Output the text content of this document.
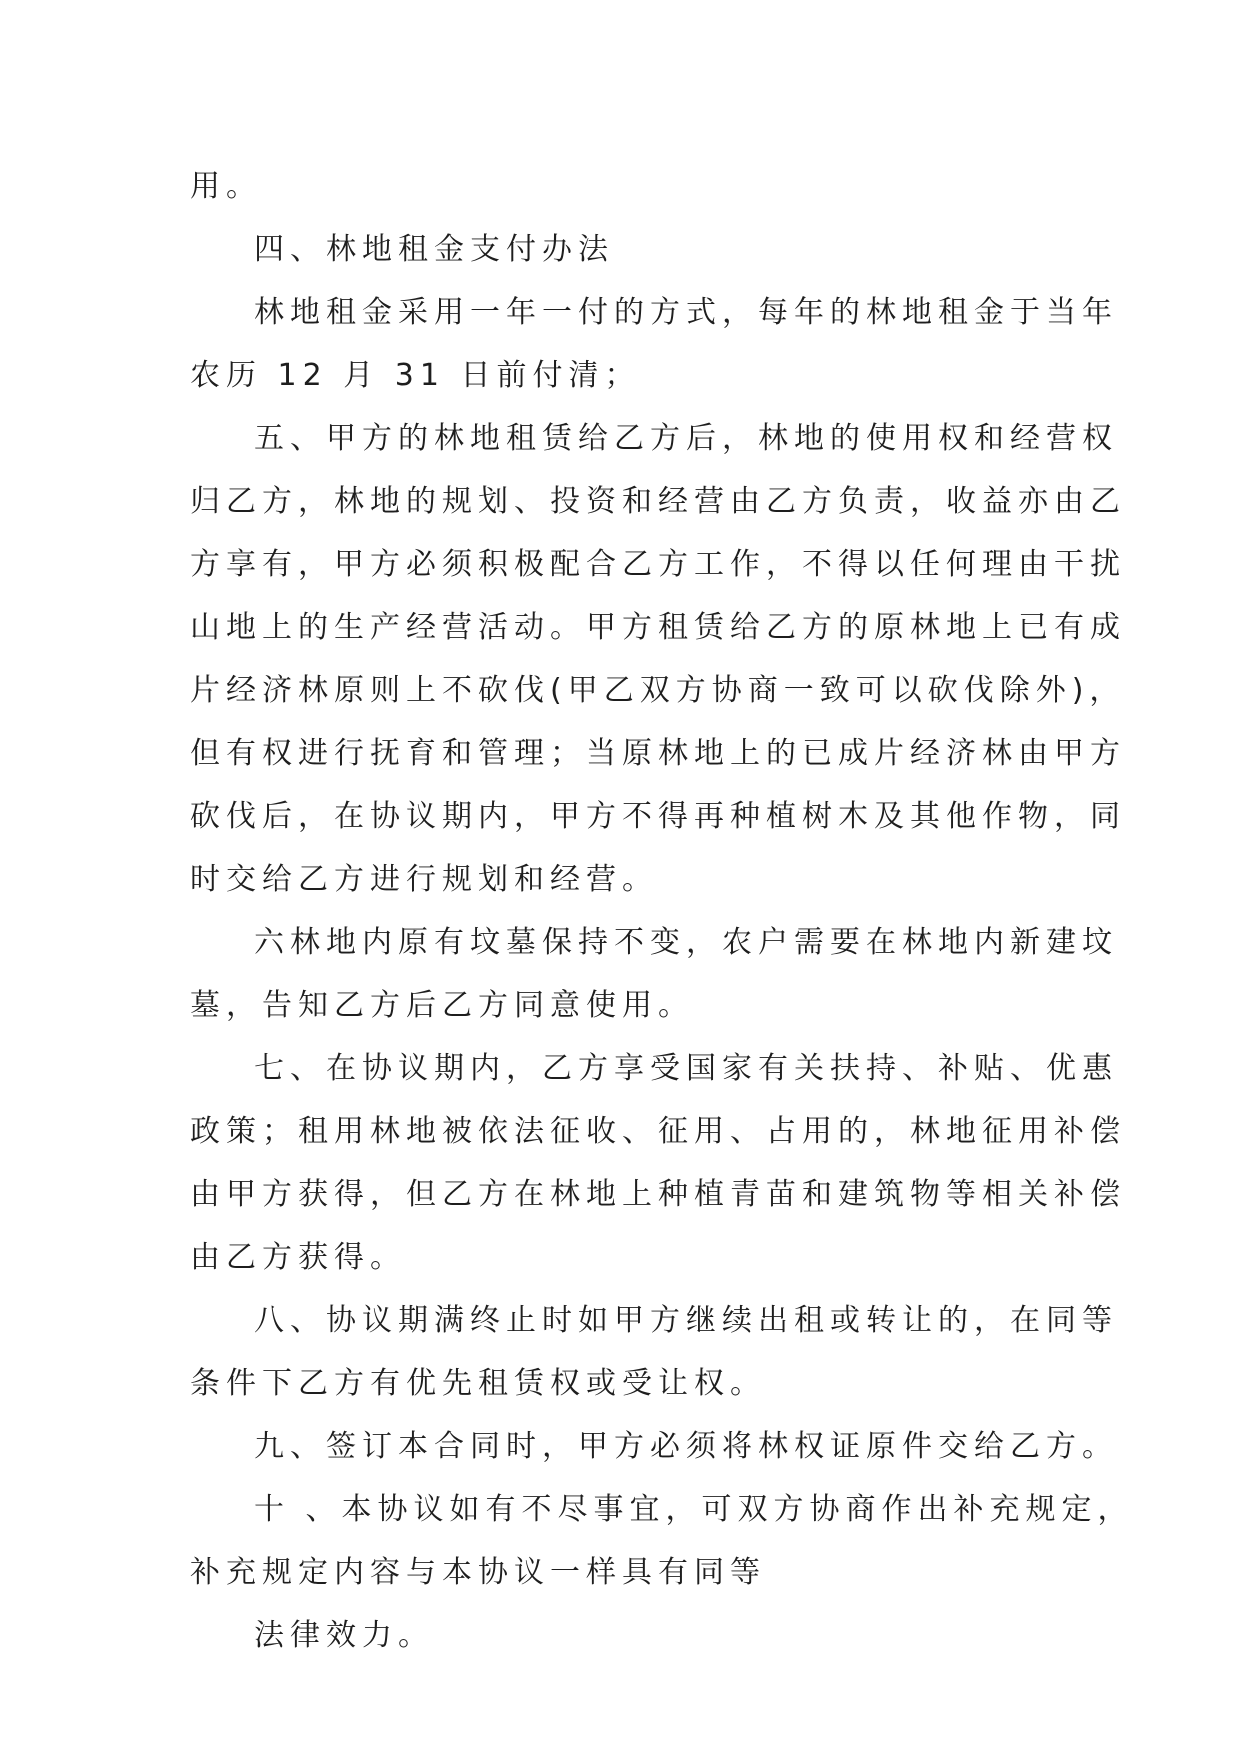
用。
四、林地租金支付办法
林地租金采用一年一付的方式，每年的林地租金于当年
农历 12 月 31 日前付清；
五、甲方的林地租赁给乙方后，林地的使用权和经营权
归乙方，林地的规划、投资和经营由乙方负责，收益亦由乙
方享有，甲方必须积极配合乙方工作，不得以任何理由干扰
山地上的生产经营活动。甲方租赁给乙方的原林地上已有成
片经济林原则上不砍伐(甲乙双方协商一致可以砍伐除外)，
但有权进行抚育和管理；当原林地上的已成片经济林由甲方
砍伐后，在协议期内，甲方不得再种植树木及其他作物，同
时交给乙方进行规划和经营。
六林地内原有坟墓保持不变，农户需要在林地内新建坟
墓，告知乙方后乙方同意使用。
七、在协议期内，乙方享受国家有关扶持、补贴、优惠
政策；租用林地被依法征收、征用、占用的，林地征用补偿
由甲方获得，但乙方在林地上种植青苗和建筑物等相关补偿
由乙方获得。
八、协议期满终止时如甲方继续出租或转让的，在同等
条件下乙方有优先租赁权或受让权。
九、签订本合同时，甲方必须将林权证原件交给乙方。
十 、本协议如有不尽事宜，可双方协商作出补充规定，
补充规定内容与本协议一样具有同等
法律效力。
